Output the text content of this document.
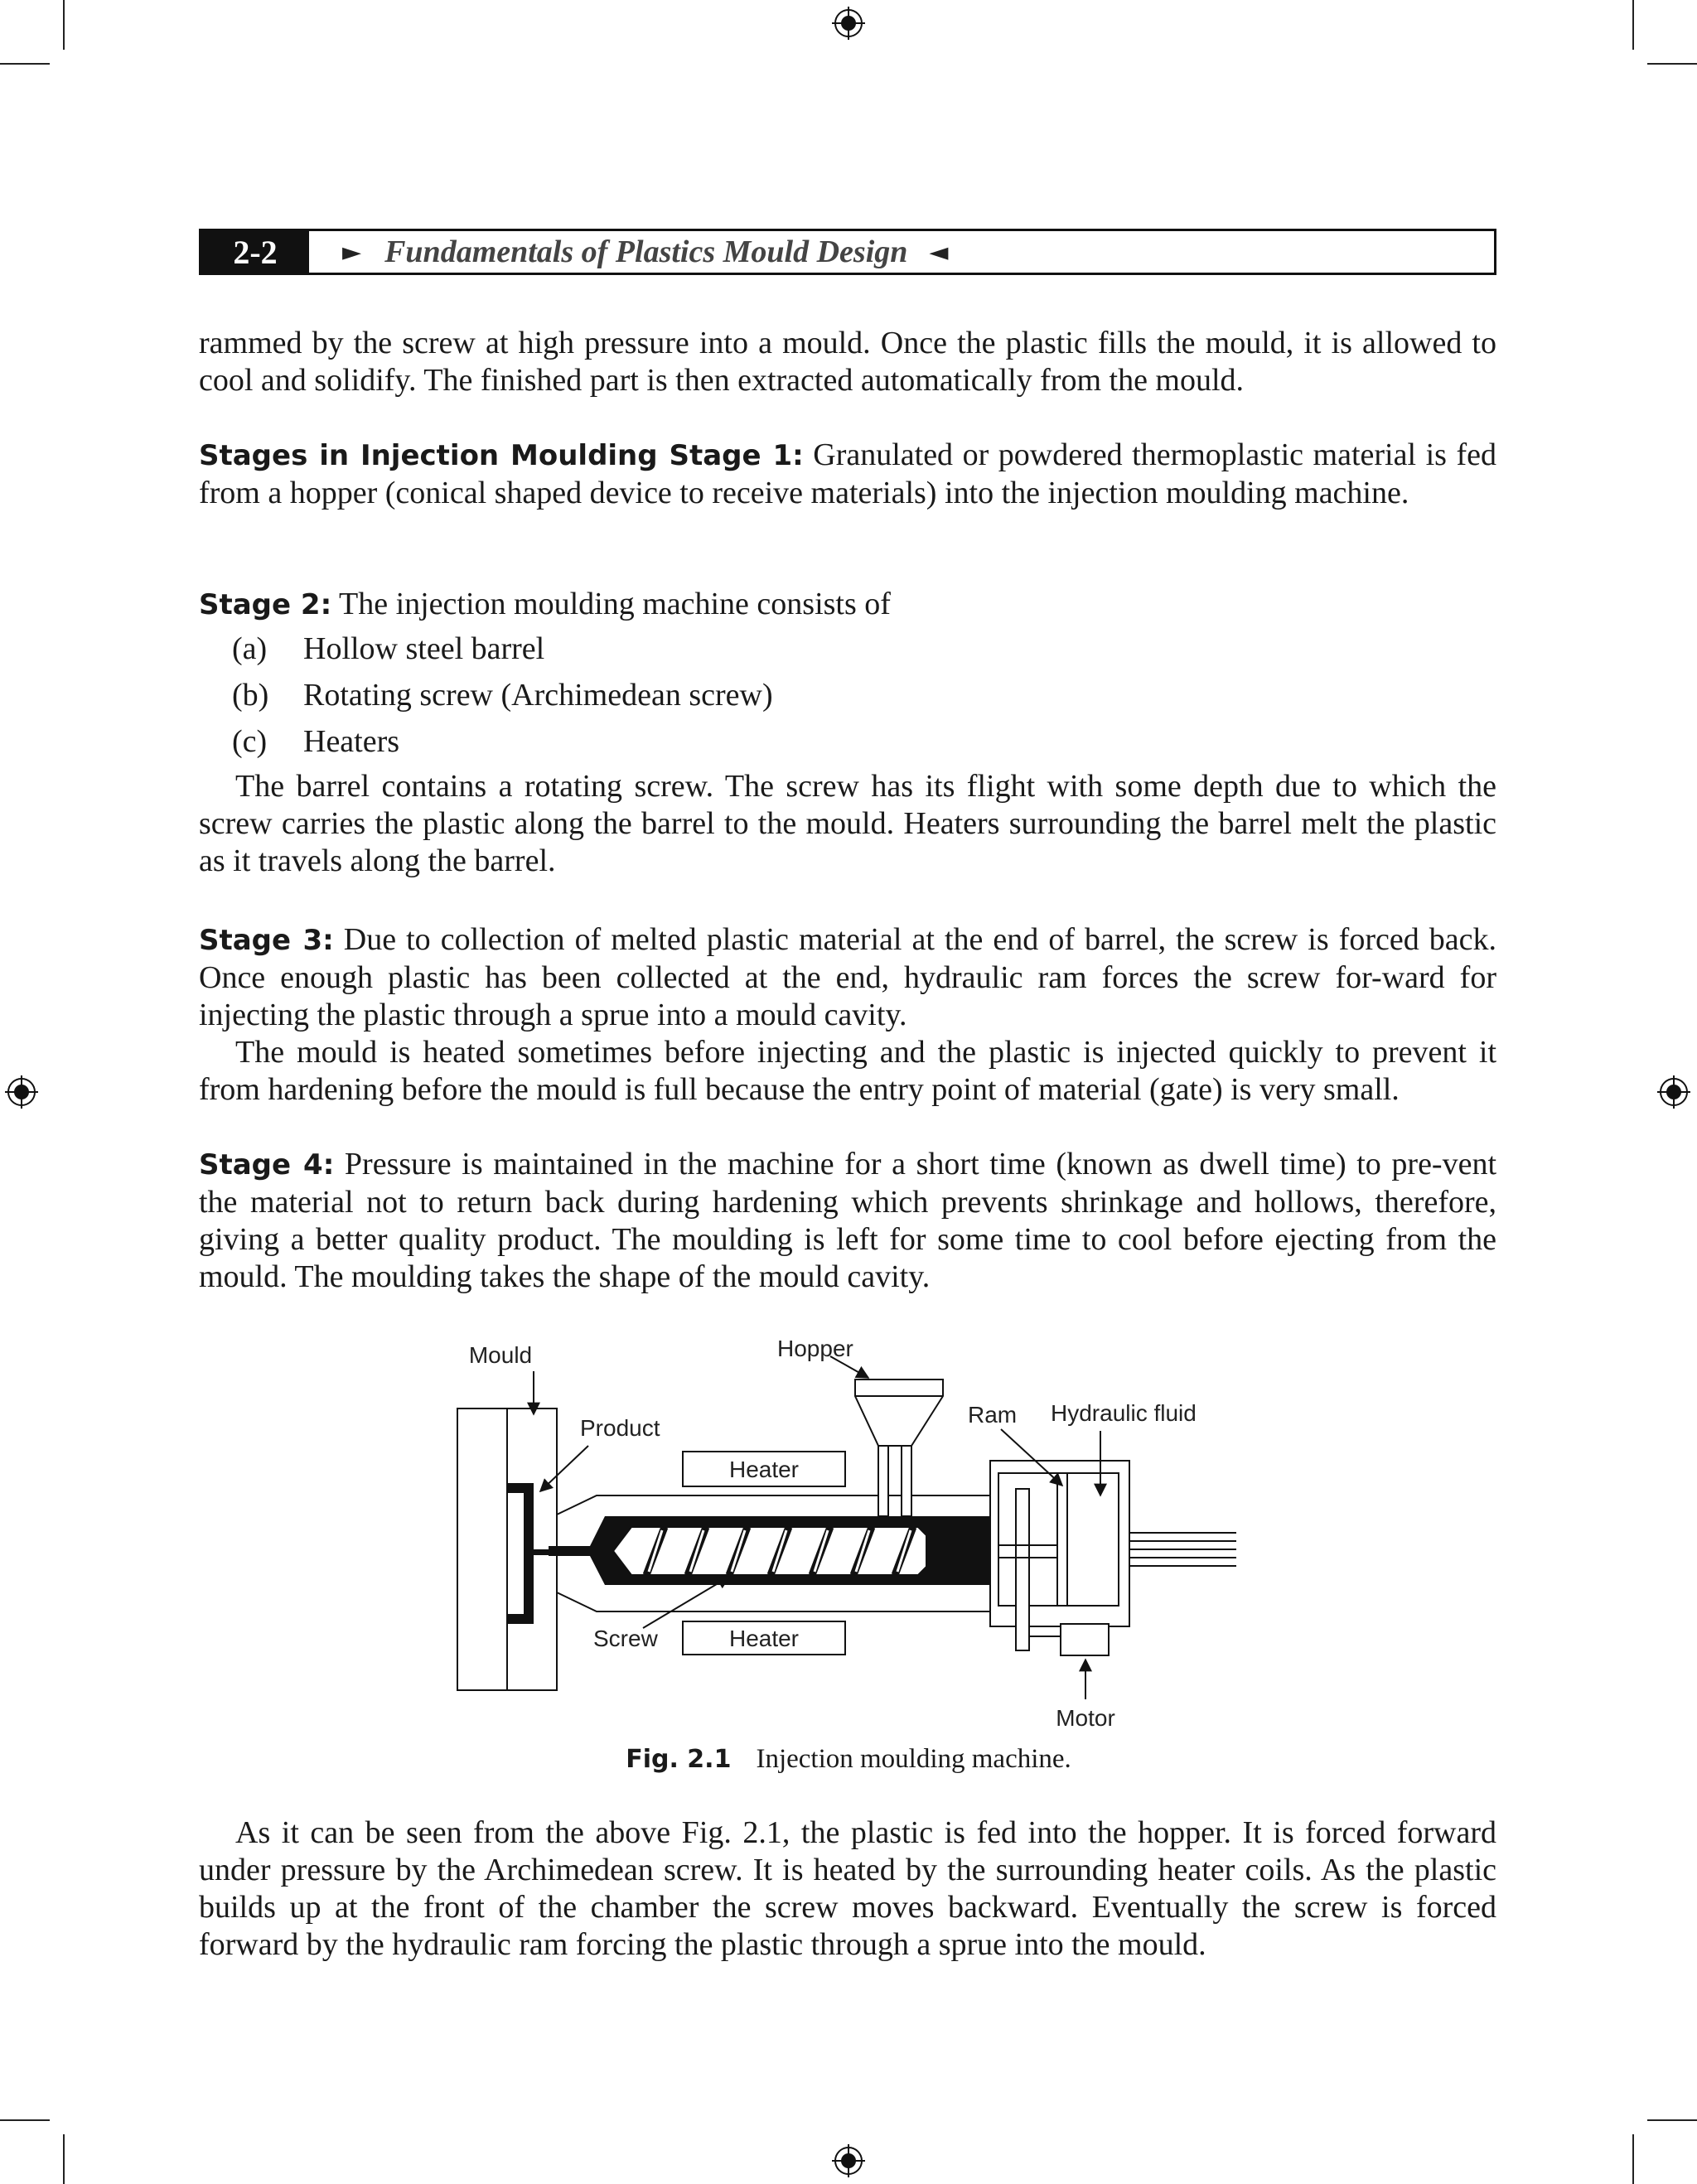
2-2	► Fundamentals of Plastics Mould Design ◄

rammed by the screw at high pressure into a mould. Once the plastic fills the mould, it is allowed to cool and solidify. The finished part is then extracted automatically from the mould.

Stages in Injection Moulding Stage 1: Granulated or powdered thermoplastic material is fed from a hopper (conical shaped device to receive materials) into the injection moulding machine.

Stage 2: The injection moulding machine consists of

(a)	Hollow steel barrel
(b)	Rotating screw (Archimedean screw)
(c)	Heaters

The barrel contains a rotating screw. The screw has its flight with some depth due to which the screw carries the plastic along the barrel to the mould. Heaters surrounding the barrel melt the plastic as it travels along the barrel.

Stage 3: Due to collection of melted plastic material at the end of barrel, the screw is forced back. Once enough plastic has been collected at the end, hydraulic ram forces the screw for-ward for injecting the plastic through a sprue into a mould cavity.

The mould is heated sometimes before injecting and the plastic is injected quickly to prevent it from hardening before the mould is full because the entry point of material (gate) is very small.

Stage 4: Pressure is maintained in the machine for a short time (known as dwell time) to pre-vent the material not to return back during hardening which prevents shrinkage and hollows, therefore, giving a better quality product. The moulding is left for some time to cool before ejecting from the mould. The moulding takes the shape of the mould cavity.

Mould	Hopper
Product
Heater
Heater
Ram Hydraulic fluid
Screw
Motor
Fig. 2.1 Injection moulding machine.

As it can be seen from the above Fig. 2.1, the plastic is fed into the hopper. It is forced forward under pressure by the Archimedean screw. It is heated by the surrounding heater coils. As the plastic builds up at the front of the chamber the screw moves backward. Eventually the screw is forced forward by the hydraulic ram forcing the plastic through a sprue into the mould.
